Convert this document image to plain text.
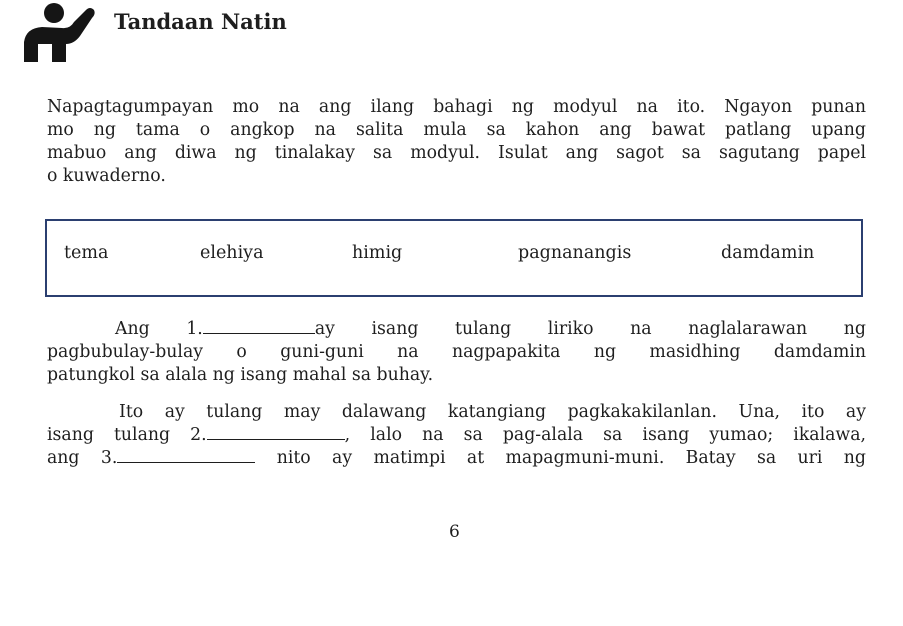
Tandaan Natin
Napagtagumpayan mo na ang ilang bahagi ng modyul na ito. Ngayon punan
mo ng tama o angkop na salita mula sa kahon ang bawat patlang upang
mabuo ang diwa ng tinalakay sa modyul. Isulat ang sagot sa sagutang papel
o kuwaderno.
tema	elehiya	himig	pagnanangis	damdamin
Ang 1.	ay isang tulang liriko na naglalarawan ng
pagbubulay-bulay o guni-guni na nagpapakita ng masidhing damdamin
patungkol sa alala ng isang mahal sa buhay.
Ito ay tulang may dalawang katangiang pagkakakilanlan. Una, ito ay
isang tulang 2.	, lalo na sa pag-alala sa isang yumao; ikalawa,
ang 3.	nito ay matimpi at mapagmuni-muni. Batay sa uri ng
6
